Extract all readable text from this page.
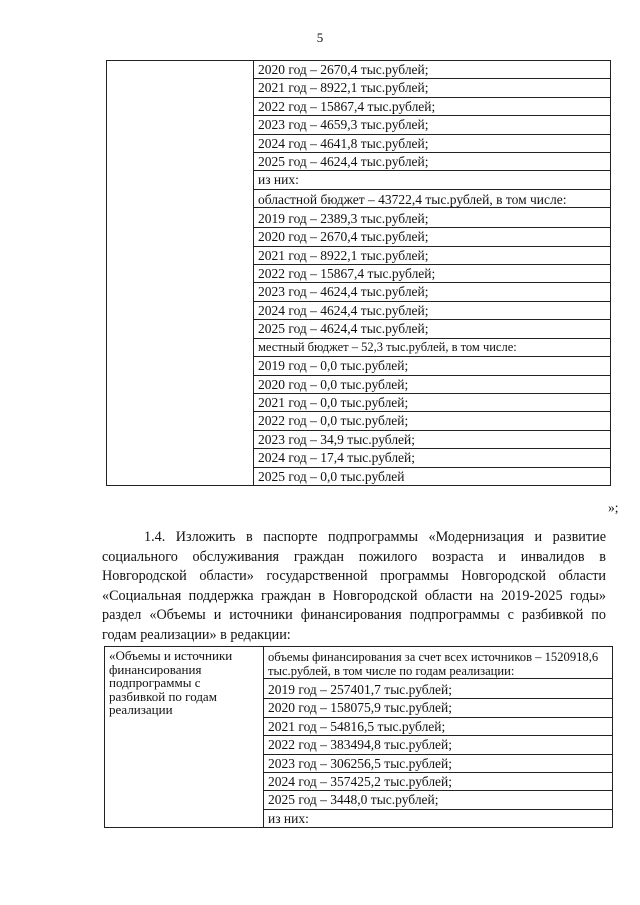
5

2020 год – 2670,4 тыс.рублей;
2021 год – 8922,1 тыс.рублей;
2022 год – 15867,4 тыс.рублей;
2023 год – 4659,3 тыс.рублей;
2024 год – 4641,8 тыс.рублей;
2025 год – 4624,4 тыс.рублей;
из них:
областной бюджет – 43722,4 тыс.рублей, в том числе:
2019 год – 2389,3 тыс.рублей;
2020 год – 2670,4 тыс.рублей;
2021 год – 8922,1 тыс.рублей;
2022 год – 15867,4 тыс.рублей;
2023 год – 4624,4 тыс.рублей;
2024 год – 4624,4 тыс.рублей;
2025 год – 4624,4 тыс.рублей;
местный бюджет – 52,3 тыс.рублей, в том числе:
2019 год – 0,0 тыс.рублей;
2020 год – 0,0 тыс.рублей;
2021 год – 0,0 тыс.рублей;
2022 год – 0,0 тыс.рублей;
2023 год – 34,9 тыс.рублей;
2024 год – 17,4 тыс.рублей;
2025 год – 0,0 тыс.рублей
»;
1.4. Изложить в паспорте подпрограммы «Модернизация и развитие социального обслуживания граждан пожилого возраста и инвалидов в Новгородской области» государственной программы Новгородской области «Социальная поддержка граждан в Новгородской области на 2019-2025 годы» раздел «Объемы и источники финансирования подпрограммы с разбивкой по годам реализации» в редакции:
«Объемы и источники финансирования подпрограммы с разбивкой по годам реализации

объемы финансирования за счет всех источников – 1520918,6 тыс.рублей, в том числе по годам реализации:
2019 год – 257401,7 тыс.рублей;
2020 год – 158075,9 тыс.рублей;
2021 год – 54816,5 тыс.рублей;
2022 год – 383494,8 тыс.рублей;
2023 год – 306256,5 тыс.рублей;
2024 год – 357425,2 тыс.рублей;
2025 год – 3448,0 тыс.рублей;
из них:
